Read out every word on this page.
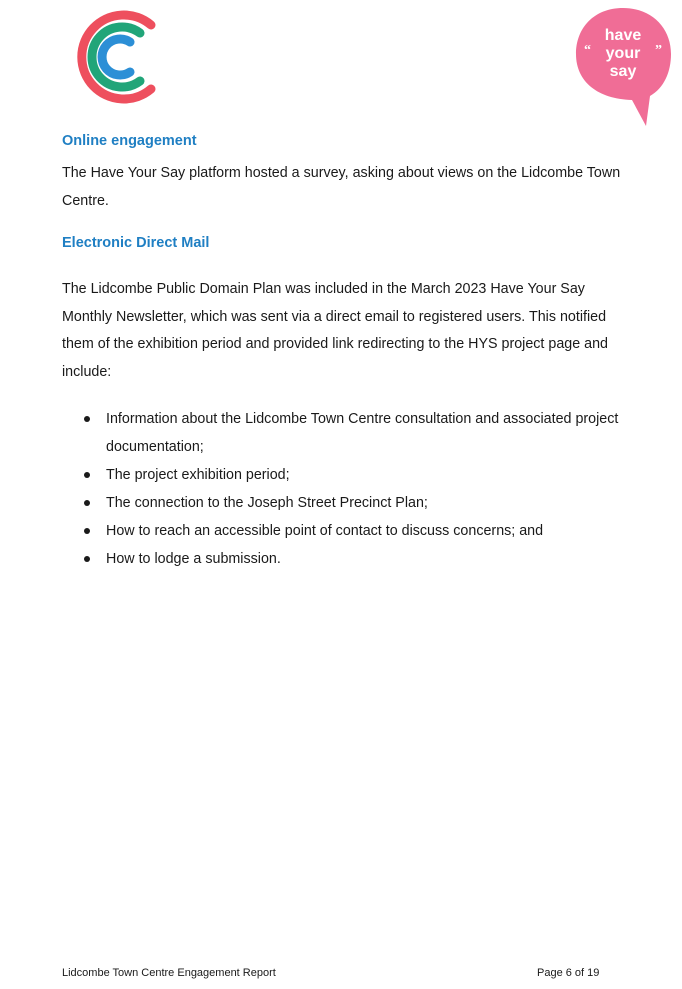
“	”
have
your
say
Online engagement

The Have Your Say platform hosted a survey, asking about views on the Lidcombe Town Centre.

Electronic Direct Mail

The Lidcombe Public Domain Plan was included in the March 2023 Have Your Say Monthly Newsletter, which was sent via a direct email to registered users. This notified them of the exhibition period and provided link redirecting to the HYS project page and include:

Information about the Lidcombe Town Centre consultation and associated project documentation;
The project exhibition period;
The connection to the Joseph Street Precinct Plan;
How to reach an accessible point of contact to discuss concerns; and
How to lodge a submission.
Lidcombe Town Centre Engagement Report	Page 6 of 19
